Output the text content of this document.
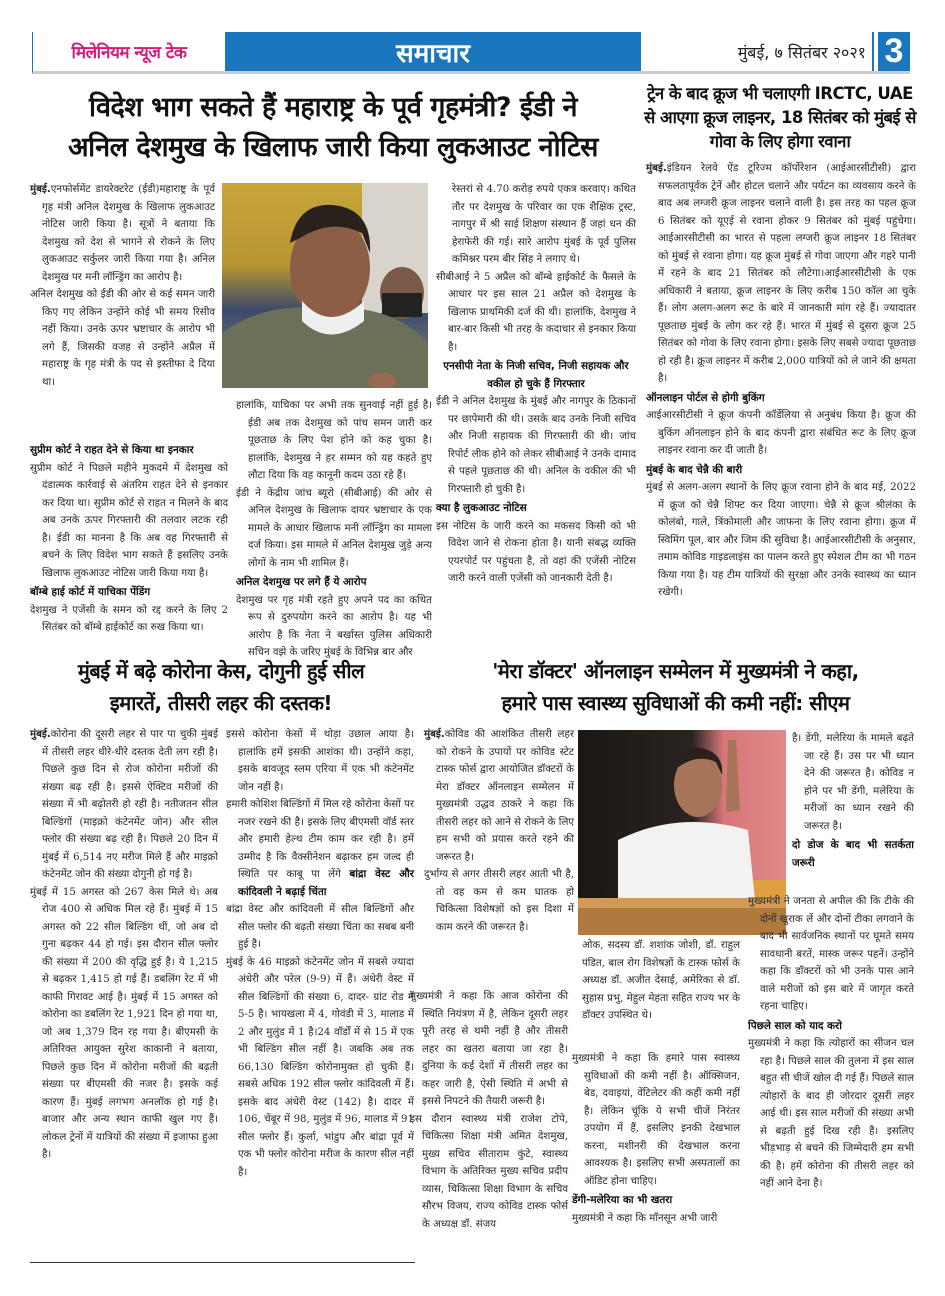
मिलेनियम न्यूज टेक	समाचार	मुंबई, ७ सितंबर २०२१ 3
विदेश भाग सकते हैं महाराष्ट्र के पूर्व गृहमंत्री? ईडी ने
अनिल देशमुख के खिलाफ जारी किया लुकआउट नोटिस

मुंबई.एनफोर्समेंट डायरेक्टरेट (ईडी)महाराष्ट्र के पूर्व गृह मंत्री अनिल देशमुख के खिलाफ लुकआउट नोटिस जारी किया है। सूत्रों ने बताया कि देशमुख को देश से भागने से रोकने के लिए लुकआउट सर्कुलर जारी किया गया है। अनिल देशमुख पर मनी लॉन्ड्रिंग का आरोप है।

अनिल देशमुख को ईडी की ओर से कई समन जारी किए गए लेकिन उन्होंने कोई भी समय रिसीव नहीं किया। उनके ऊपर भ्रष्टाचार के आरोप भी लगे हैं, जिसकी वजह से उन्होंने अप्रैल में महाराष्ट्र के गृह मंत्री के पद से इस्तीफा दे दिया था।

सुप्रीम कोर्ट ने राहत देने से किया था इनकार

सुप्रीम कोर्ट ने पिछले महीने मुकदमे में देशमुख को दंडात्मक कार्रवाई से अंतरिम राहत देने से इनकार कर दिया था। सुप्रीम कोर्ट से राहत न मिलने के बाद अब उनके ऊपर गिरफ्तारी की तलवार लटक रही है। ईडी का मानना है कि अब वह गिरफ्तारी से बचने के लिए विदेश भाग सकते हैं इसलिए उनके खिलाफ लुकआउट नोटिस जारी किया गया है।

बॉम्बे हाई कोर्ट में याचिका पेंडिंग

देशमुख ने एजेंसी के समन को रद्द करने के लिए 2 सितंबर को बॉम्बे हाईकोर्ट का रुख किया था।

हालांकि, याचिका पर अभी तक सुनवाई नहीं हुई है। ईडी अब तक देशमुख को पांच समन जारी कर पूछताछ के लिए पेश होने को कह चुका है। हालांकि, देशमुख ने हर सम्मन को यह कहते हुए लौटा दिया कि वह कानूनी कदम उठा रहे हैं।

ईडी ने केंद्रीय जांच ब्यूरो (सीबीआई) की ओर से अनिल देशमुख के खिलाफ दायर भ्रष्टाचार के एक मामले के आधार खिलाफ मनी लॉन्ड्रिंग का मामला दर्ज किया। इस मामले में अनिल देशमुख जुड़े अन्य लोगों के नाम भी शामिल हैं।

अनिल देशमुख पर लगे हैं ये आरोप

देशमुख पर गृह मंत्री रहते हुए अपने पद का कथित रूप से दुरुपयोग करने का आरोप है। यह भी आरोप है कि नेता ने बर्खास्त पुलिस अधिकारी सचिन वझे के जरिए मुंबई के विभिन्न बार और

रेस्तरां से 4.70 करोड़ रुपये एकत्र करवाए। कथित तौर पर देशमुख के परिवार का एक शैक्षिक ट्रस्ट, नागपुर में श्री साई शिक्षण संस्थान हैं जहां धन की हेराफेरी की गई। सारे आरोप मुंबई के पूर्व पुलिस कमिश्नर परम बीर सिंह ने लगाए थे।

सीबीआई ने 5 अप्रैल को बॉम्बे हाईकोर्ट के फैसले के आधार पर इस साल 21 अप्रैल को देशमुख के खिलाफ प्राथमिकी दर्ज की थी। हालांकि, देशमुख ने बार-बार किसी भी तरह के कदाचार से इनकार किया है।

एनसीपी नेता के निजी सचिव, निजी सहायक और वकील हो चुके हैं गिरफ्तार

ईडी ने अनिल देशमुख के मुंबई और नागपुर के ठिकानों पर छापेमारी की थी। उसके बाद उनके निजी सचिव और निजी सहायक की गिरफ्तारी की थी। जांच रिपोर्ट लीक होने को लेकर सीबीआई ने उनके दामाद से पहले पूछताछ की थी। अनिल के वकील की भी गिरफ्तारी हो चुकी है।

क्या है लुकआउट नोटिस

इस नोटिस के जारी करने का मकसद किसी को भी विदेश जाने से रोकना होता है। यानी संबद्ध व्यक्ति एयरपोर्ट पर पहुंचता है, तो वहां की एजेंसी नोटिस जारी करने वाली एजेंसी को जानकारी देती है।

ट्रेन के बाद क्रूज भी चलाएगी IRCTC, UAE से आएगा क्रूज लाइनर, 18 सितंबर को मुंबई से गोवा के लिए होगा रवाना

मुंबई.इंडियन रेलवे ऐंड टूरिज्म कॉर्पोरेशन (आईआरसीटीसी) द्वारा सफलतापूर्वक ट्रेनें और होटल चलाने और पर्यटन का व्यवसाय करने के बाद अब लग्जरी क्रूज लाइनर चलाने वाली है। इस तरह का पहल क्रूज 6 सितंबर को यूएई से रवाना होकर 9 सितंबर को मुंबई पहुंचेगा। आईआरसीटीसी का भारत से पहला लग्जरी क्रूज लाइनर 18 सितंबर को मुंबई से रवाना होगा। यह क्रूज मुंबई से गोवा जाएगा और गहरे पानी में रहने के बाद 21 सितंबर को लौटेगा।आईआरसीटीसी के एक अधिकारी ने बताया, क्रूज लाइनर के लिए करीब 150 कॉल आ चुके हैं। लोग अलग-अलग रूट के बारे में जानकारी मांग रहे हैं। ज्यादातर पूछताछ मुंबई के लोग कर रहे हैं। भारत में मुंबई से दूसरा क्रूज 25 सितंबर को गोवा के लिए रवाना होगा। इसके लिए सबसे ज्यादा पूछताछ हो रही है। क्रूज लाइनर में करीब 2,000 यात्रियों को ले जाने की क्षमता है।

ऑनलाइन पोर्टल से होगी बुकिंग

आईआरसीटीसी ने क्रूज कंपनी कॉर्डेलिया से अनुबंध किया है। क्रूज की बुकिंग ऑनलाइन होने के बाद कंपनी द्वारा संबंधित रूट के लिए क्रूज लाइनर रवाना कर दी जाती है।

मुंबई के बाद चेन्नै की बारी

मुंबई से अलग-अलग स्थानों के लिए क्रूज रवाना होने के बाद मई, 2022 में क्रूज को चेन्नै शिफ्ट कर दिया जाएगा। चेन्नै से क्रूज श्रीलंका के कोलंबो, गाले, त्रिंकोमाली और जाफना के लिए रवाना होगा। क्रूज में स्विमिंग पूल, बार और जिम की सुविधा है। आईआरसीटीसी के अनुसार, तमाम कोविड गाइडलाइंस का पालन करते हुए स्पेशल टीम का भी गठन किया गया है। यह टीम यात्रियों की सुरक्षा और उनके स्वास्थ्य का ध्यान रखेगी।

मुंबई में बढ़े कोरोना केस, दोगुनी हुई सील
इमारतें, तीसरी लहर की दस्तक!

मुंबई.कोरोना की दूसरी लहर से पार पा चुकी मुंबई में तीसरी लहर धीरे-धीरे दस्तक देती लग रही है। पिछले कुछ दिन से रोज कोरोना मरीजों की संख्या बढ़ रही है। इससे ऐक्टिव मरीजों की संख्या में भी बढ़ोतरी हो रही है। नतीजतन सील बिल्डिंगों (माइक्रो कंटेनमेंट जोन) और सील फ्लोर की संख्या बढ़ रही है। पिछले 20 दिन में मुंबई में 6,514 नए मरीज मिले हैं और माइक्रो कंटेनमेंट जोन की संख्या दोगुनी हो गई है।

मुंबई में 15 अगस्त को 267 केस मिले थे। अब रोज 400 से अधिक मिल रहे हैं। मुंबई में 15 अगस्त को 22 सील बिल्डिंग थीं, जो अब दो गुना बढ़कर 44 हो गई। इस दौरान सील फ्लोर की संख्या में 200 की वृद्धि हुई है। ये 1,215 से बढ़कर 1,415 हो गई हैं। डबलिंग रेट में भी काफी गिरावट आई है। मुंबई में 15 अगस्त को कोरोना का डबलिंग रेट 1,921 दिन हो गया था, जो अब 1,379 दिन रह गया है। बीएमसी के अतिरिक्त आयुक्त सुरेश काकानी ने बताया, पिछले कुछ दिन में कोरोना मरीजों की बढ़ती संख्या पर बीएमसी की नजर है। इसके कई कारण हैं। मुंबई लगभग अनलॉक हो गई है। बाजार और अन्य स्थान काफी खुल गए हैं। लोकल ट्रेनों में यात्रियों की संख्या में इजाफा हुआ है।

इससे कोरोना केसों में थोड़ा उछाल आया है। हालांकि हमें इसकी आशंका थी। उन्होंने कहा, इसके बावजूद स्लम एरिया में एक भी कंटेनमेंट जोन नहीं है।

हमारी कोशिश बिल्डिंगों में मिल रहे कोरोना केसों पर नजर रखने की है। इसके लिए बीएमसी वॉर्ड स्तर और हमारी हेल्थ टीम काम कर रही है। हमें उम्मीद है कि वैक्सीनेशन बढ़ाकर हम जल्द ही स्थिति पर काबू पा लेंगे बांद्रा वेस्ट और कांदिवली ने बढ़ाई चिंता

बांद्रा वेस्ट और कांदिवली में सील बिल्डिंगों और सील फ्लोर की बढ़ती संख्या चिंता का सबब बनी हुई है।

मुंबई के 46 माइक्रो कंटेनमेंट जोन में सबसे ज्यादा अंधेरी और परेल (9-9) में हैं। अंधेरी वेस्ट में सील बिल्डिंगों की संख्या 6, दादर- ग्रांट रोड में 5-5 है। भायखला में 4, गोवंडी में 3, मालाड में 2 और मुलुंड में 1 है।24 वॉर्डों में से 15 में एक भी बिल्डिंग सील नहीं है। जबकि अब तक 66,130 बिल्डिंग कोरोनामुक्त हो चुकी हैं। सबसे अधिक 192 सील फ्लोर कांदिवली में हैं। इसके बाद अंधेरी वेस्ट (142) है। दादर में 106, चेंबूर में 98, मुलुंड में 96, मालाड में 91 सील फ्लोर हैं। कुर्ला, भांडुप और बांद्रा पूर्व में एक भी फ्लोर कोरोना मरीज के कारण सील नहीं है।

'मेरा डॉक्टर' ऑनलाइन सम्मेलन में मुख्यमंत्री ने कहा,
हमारे पास स्वास्थ्य सुविधाओं की कमी नहीं: सीएम

मुंबई.कोविड की आशंकित तीसरी लहर को रोकने के उपायों पर कोविड स्टेट टास्क फोर्स द्वारा आयोजित डॉक्टरों के मेरा डॉक्टर ऑनलाइन सम्मेलन में मुख्यमंत्री उद्धव ठाकरे ने कहा कि तीसरी लहर को आने से रोकने के लिए हम सभी को प्रयास करते रहने की जरूरत है।

दुर्भाग्य से अगर तीसरी लहर आती भी है, तो वह कम से कम घातक हो चिकित्सा विशेषज्ञों को इस दिशा में काम करने की जरूरत है।

मुख्यमंत्री ने कहा कि आज कोरोना की स्थिति नियंत्रण में है, लेकिन दूसरी लहर पूरी तरह से थमी नहीं है और तीसरी लहर का खतरा बताया जा रहा है। दुनिया के कई देशों में तीसरी लहर का कहर जारी है, ऐसी स्थिति में अभी से इससे निपटने की तैयारी जरूरी है।

इस दौरान स्वास्थ्य मंत्री राजेश टोपे, चिकित्सा शिक्षा मंत्री अमित देशमुख, मुख्य सचिव सीताराम कुंटे, स्वास्थ्य विभाग के अतिरिक्त मुख्य सचिव प्रदीप व्यास, चिकित्सा शिक्षा विभाग के सचिव सौरभ विजय, राज्य कोविड टास्क फोर्स के अध्यक्ष डॉ. संजय

ओक, सदस्य डॉ. शशांक जोशी, डॉ. राहुल पंडित, बाल रोग विशेषज्ञों के टास्क फोर्स के अध्यक्ष डॉ. अजीत देसाई, अमेरिका से डॉ. सुहास प्रभु, मेहुल मेहता सहित राज्य भर के डॉक्टर उपस्थित थे।

मुख्यमंत्री ने कहा कि हमारे पास स्वास्थ्य सुविधाओं की कमी नहीं है। ऑक्सिजन, बेड, दवाइयां, वेंटिलेटर की कहीं कमी नहीं है। लेकिन चूंकि ये सभी चीजें निरंतर उपयोग में हैं, इसलिए इनकी देखभाल करना, मशीनरी की देखभाल करना आवश्यक है। इसलिए सभी अस्पतालों का ऑडिट होना चाहिए।

डेंगी-मलेरिया का भी खतरा

मुख्यमंत्री ने कहा कि मॉनसून अभी जारी

है। डेंगी, मलेरिया के मामले बढ़ते जा रहे हैं। उस पर भी ध्यान देने की जरूरत है। कोविड न होने पर भी डेंगी, मलेरिया के मरीजों का ध्यान रखने की जरूरत है।

दो डोज के बाद भी सतर्कता जरूरी

मुख्यमंत्री ने जनता से अपील की कि टीके की दोनों खुराक लें और दोनों टीका लगवाने के बाद भी सार्वजनिक स्थानों पर घूमते समय सावधानी बरतें, मास्क जरूर पहनें। उन्होंने कहा कि डॉक्टरों को भी उनके पास आने वाले मरीजों को इस बारे में जागृत करते रहना चाहिए।

पिछले साल को याद करो

मुख्यमंत्री ने कहा कि त्योहारों का सीजन चल रहा है। पिछले साल की तुलना में इस साल बहुत सी चीजें खोल दी गई हैं। पिछले साल त्योहारों के बाद ही जोरदार दूसरी लहर आई थी। इस साल मरीजों की संख्या अभी से बढ़ती हुई दिख रही है। इसलिए भीड़भाड़ से बचने की जिम्मेदारी हम सभी की है। हमें कोरोना की तीसरी लहर को नहीं आने देना है।
